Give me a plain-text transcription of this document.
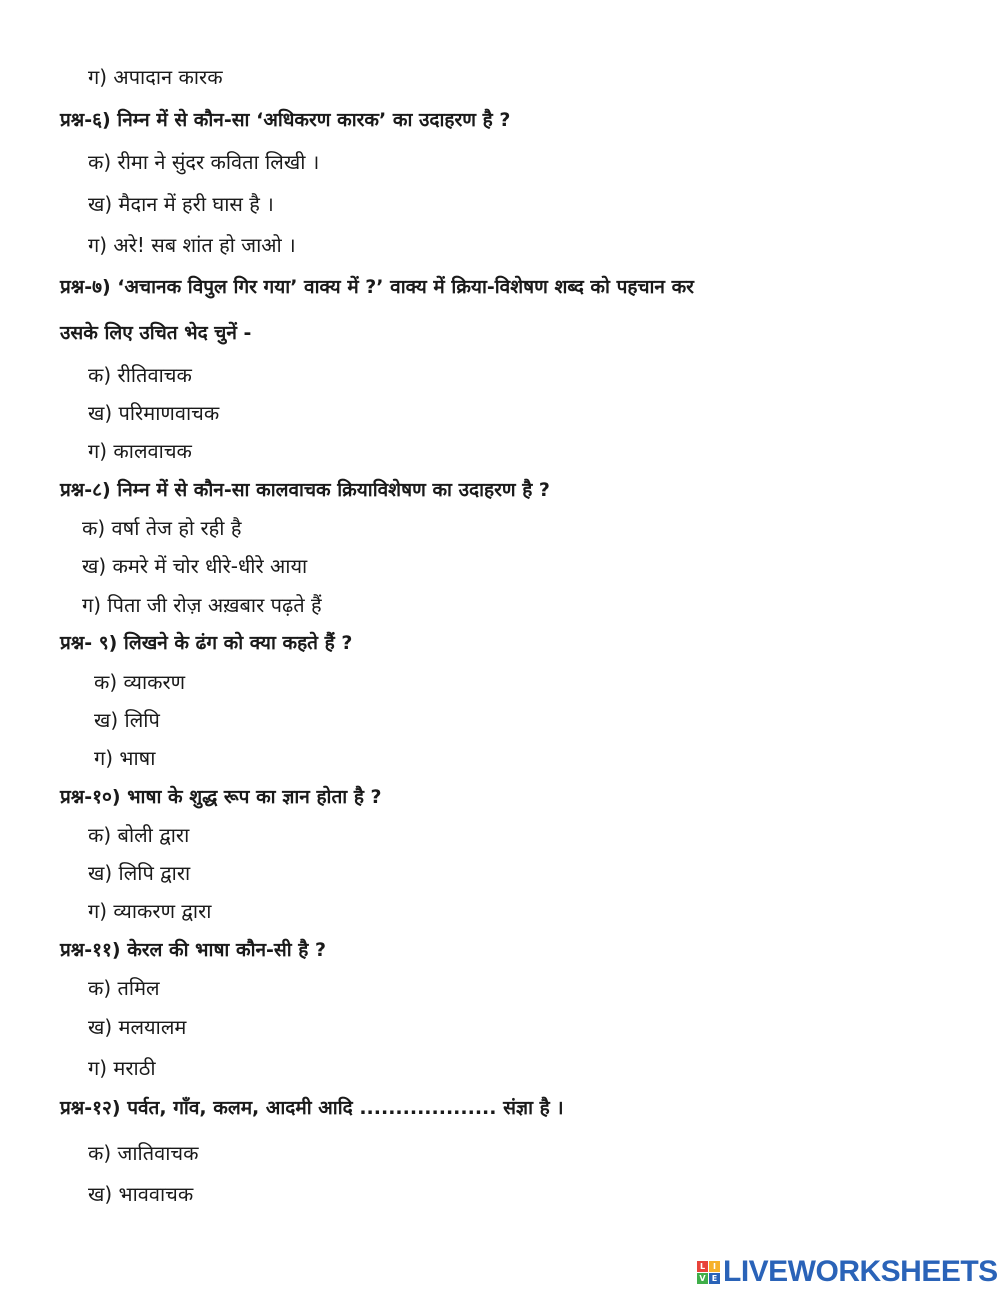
ग) अपादान कारक
प्रश्न-६) निम्न में से कौन-सा ‘अधिकरण कारक’ का उदाहरण है ?
क) रीमा ने सुंदर कविता लिखी ।
ख) मैदान में हरी घास है ।
ग) अरे! सब शांत हो जाओ ।
प्रश्न-७) ‘अचानक विपुल गिर गया’ वाक्य में ?’ वाक्य में क्रिया-विशेषण शब्द को पहचान कर
उसके लिए उचित भेद चुनें -
क) रीतिवाचक
ख) परिमाणवाचक
ग) कालवाचक
प्रश्न-८) निम्न में से कौन-सा कालवाचक क्रियाविशेषण का उदाहरण है ?
क) वर्षा तेज हो रही है
ख) कमरे में चोर धीरे-धीरे आया
ग) पिता जी रोज़ अख़बार पढ़ते हैं
प्रश्न- ९) लिखने के ढंग को क्या कहते हैं ?
क) व्याकरण
ख) लिपि
ग) भाषा
प्रश्न-१०) भाषा के शुद्ध रूप का ज्ञान होता है ?
क) बोली द्वारा
ख) लिपि द्वारा
ग) व्याकरण द्वारा
प्रश्न-११) केरल की भाषा कौन-सी है ?
क) तमिल
ख) मलयालम
ग) मराठी
प्रश्न-१२) पर्वत, गाँव, कलम, आदमी आदि ................... संज्ञा है ।
क) जातिवाचक
ख) भाववाचक
L I
V E LIVEWORKSHEETS
